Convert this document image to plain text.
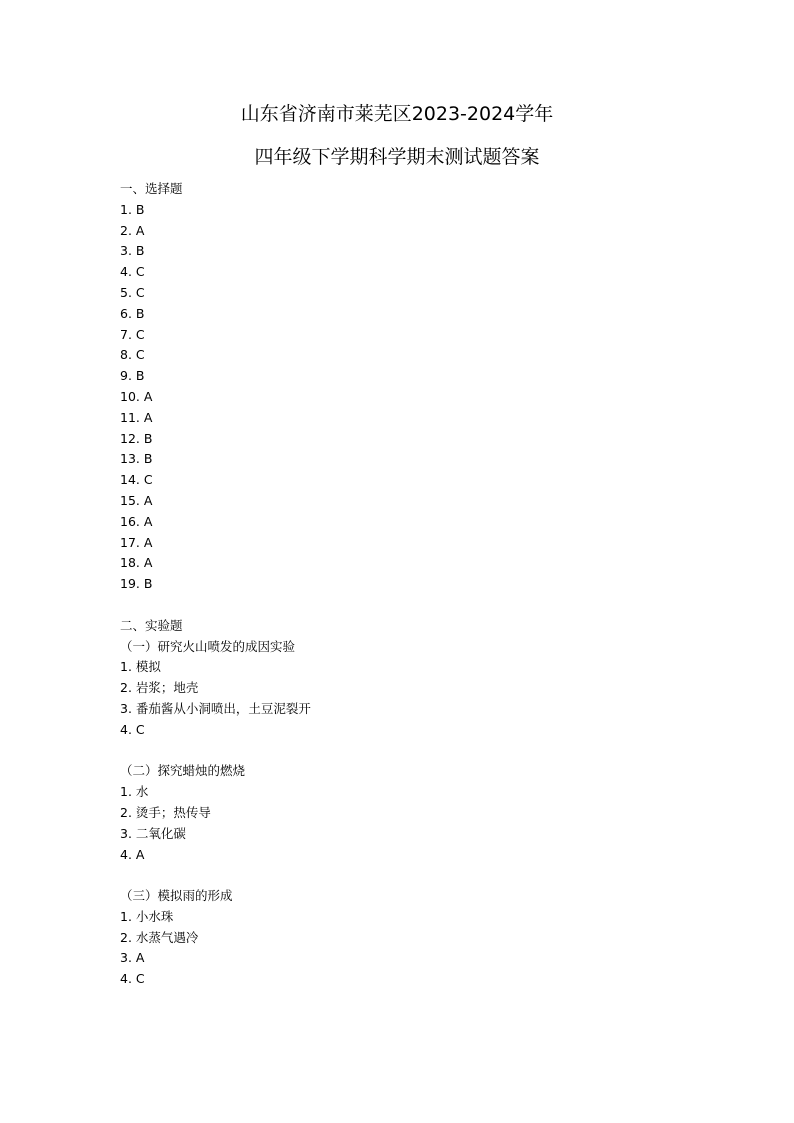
山东省济南市莱芜区2023-2024学年
四年级下学期科学期末测试题答案
一、选择题
1. B
2. A
3. B
4. C
5. C
6. B
7. C
8. C
9. B
10. A
11. A
12. B
13. B
14. C
15. A
16. A
17. A
18. A
19. B
二、实验题
（一）研究火山喷发的成因实验
1. 模拟
2. 岩浆；地壳
3. 番茄酱从小洞喷出，土豆泥裂开
4. C
（二）探究蜡烛的燃烧
1. 水
2. 烫手；热传导
3. 二氧化碳
4. A
（三）模拟雨的形成
1. 小水珠
2. 水蒸气遇冷
3. A
4. C
